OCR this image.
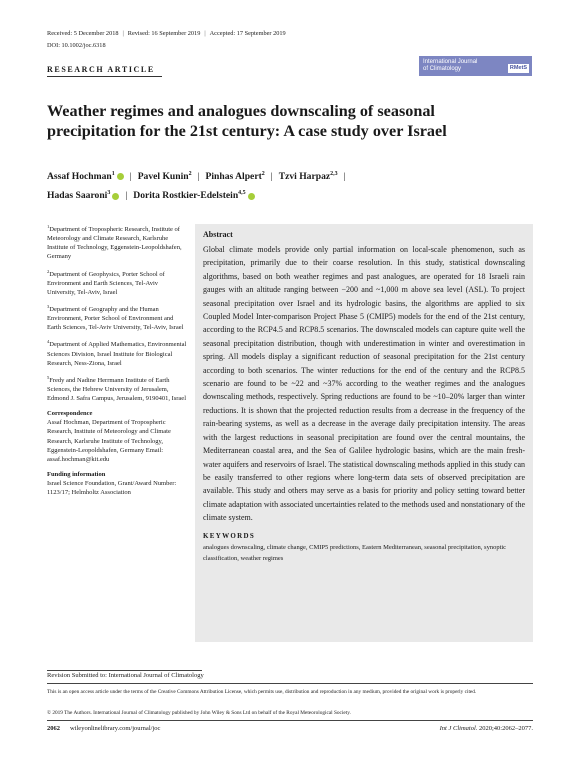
Received: 5 December 2018 | Revised: 16 September 2019 | Accepted: 17 September 2019
DOI: 10.1002/joc.6318
RESEARCH ARTICLE
International Journal
of Climatology	RMetS
Weather regimes and analogues downscaling of seasonal
precipitation for the 21st century: A case study over Israel
Assaf Hochman$^1$ | Pavel Kunin$^2$ | Pinhas Alpert$^2$ | Tzvi Harpaz$^{2,3}$ |
Hadas Saaroni$^3$ | Dorita Rostkier-Edelstein$^{4,5}$

$^1$Department of Tropospheric Research, Institute of Meteorology and Climate Research, Karlsruhe Institute of Technology, Eggenstein-Leopoldshafen, Germany

$^2$Department of Geophysics, Porter School of Environment and Earth Sciences, Tel-Aviv University, Tel-Aviv, Israel

$^3$Department of Geography and the Human Environment, Porter School of Environment and Earth Sciences, Tel-Aviv University, Tel-Aviv, Israel

$^4$Department of Applied Mathematics, Environmental Sciences Division, Israel Institute for Biological Research, Ness-Ziona, Israel

$^5$Fredy and Nadine Herrmann Institute of Earth Sciences, the Hebrew University of Jerusalem, Edmond J. Safra Campus, Jerusalem, 9190401, Israel

Correspondence

Assaf Hochman, Department of Tropospheric Research, Institute of Meteorology and Climate Research, Karlsruhe Institute of Technology, Eggenstein-Leopoldshafen, Germany Email: assaf.hochman@kit.edu

Funding information

Israel Science Foundation, Grant/Award Number: 1123/17; Helmholtz Association

Abstract

Global climate models provide only partial information on local-scale phenomenon, such as precipitation, primarily due to their coarse resolution. In this study, statistical downscaling algorithms, based on both weather regimes and past analogues, are operated for 18 Israeli rain gauges with an altitude ranging between −200 and ~1,000 m above sea level (ASL). To project seasonal precipitation over Israel and its hydrologic basins, the algorithms are applied to six Coupled Model Inter-comparison Project Phase 5 (CMIP5) models for the end of the 21st century, according to the RCP4.5 and RCP8.5 scenarios. The downscaled models can capture quite well the seasonal precipitation distribution, though with underestimation in winter and overestimation in spring. All models display a significant reduction of seasonal precipitation for the 21st century according to both scenarios. The winter reductions for the end of the century and the RCP8.5 scenario are found to be ~22 and ~37% according to the weather regimes and the analogues downscaling methods, respectively. Spring reductions are found to be ~10–20% larger than winter reductions. It is shown that the projected reduction results from a decrease in the frequency of the rain-bearing systems, as well as a decrease in the average daily precipitation intensity. The areas with the largest reductions in seasonal precipitation are found over the central mountains, the Mediterranean coastal area, and the Sea of Galilee hydrologic basins, which are the main fresh-water aquifers and reservoirs of Israel. The statistical downscaling methods applied in this study can be easily transferred to other regions where long-term data sets of observed precipitation are available. This study and others may serve as a basis for priority and policy setting toward better climate adaptation with associated uncertainties related to the methods used and nonstationary of the climate system.

KEYWORDS

analogues downscaling, climate change, CMIP5 predictions, Eastern Mediterranean, seasonal precipitation, synoptic classification, weather regimes

Revision Submitted to: International Journal of Climatology

This is an open access article under the terms of the Creative Commons Attribution License, which permits use, distribution and reproduction in any medium, provided the original work is properly cited.

© 2019 The Authors. International Journal of Climatology published by John Wiley & Sons Ltd on behalf of the Royal Meteorological Society.

2062 wileyonlinelibrary.com/journal/joc	Int J Climatol. 2020;40:2062–2077.
